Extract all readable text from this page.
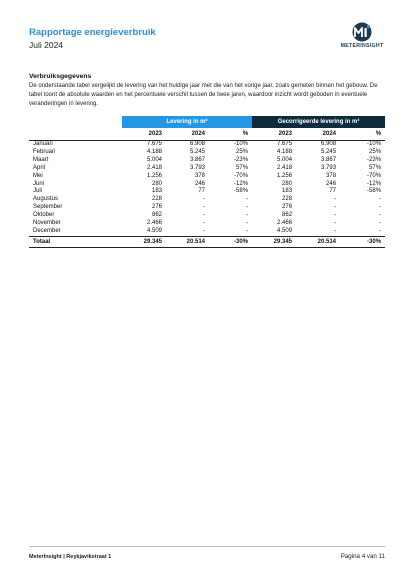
Rapportage energieverbruik
Juli 2024	METERINSIGHT
Verbruiksgegevens

De onderstaande tabel vergelijkt de levering van het huidige jaar met die van het vorige jaar, zoals gemeten binnen het gebouw. De tabel toont de absolute waarden en het percentuele verschil tussen de twee jaren, waardoor inzicht wordt geboden in eventuele veranderingen in levering.

	Levering in m³			Gecorrigeerde levering in m³		
	2023	2024	%	2023	2024	%
Januari	7.675	6.908	-10%	7.675	6.908	-10%
Februari	4.188	5.245	25%	4.188	5.245	25%
Maart	5.004	3.867	-23%	5.004	3.867	-23%
April	2.418	3.793	57%	2.418	3.793	57%
Mei	1.256	378	-70%	1.256	378	-70%
Juni	280	246	-12%	280	246	-12%
Juli	183	77	-58%	183	77	-58%
Augustus	228	-	-	228	-	-
September	276	-	-	276	-	-
Oktober	862	-	-	862	-	-
November	2.466	-	-	2.466	-	-
December	4.509	-	-	4.509	-	-
Totaal	29.345	20.514	-30%	29.345	20.514	-30%
MeterInsight | Reykjavikstraat 1	Pagina 4 van 11
